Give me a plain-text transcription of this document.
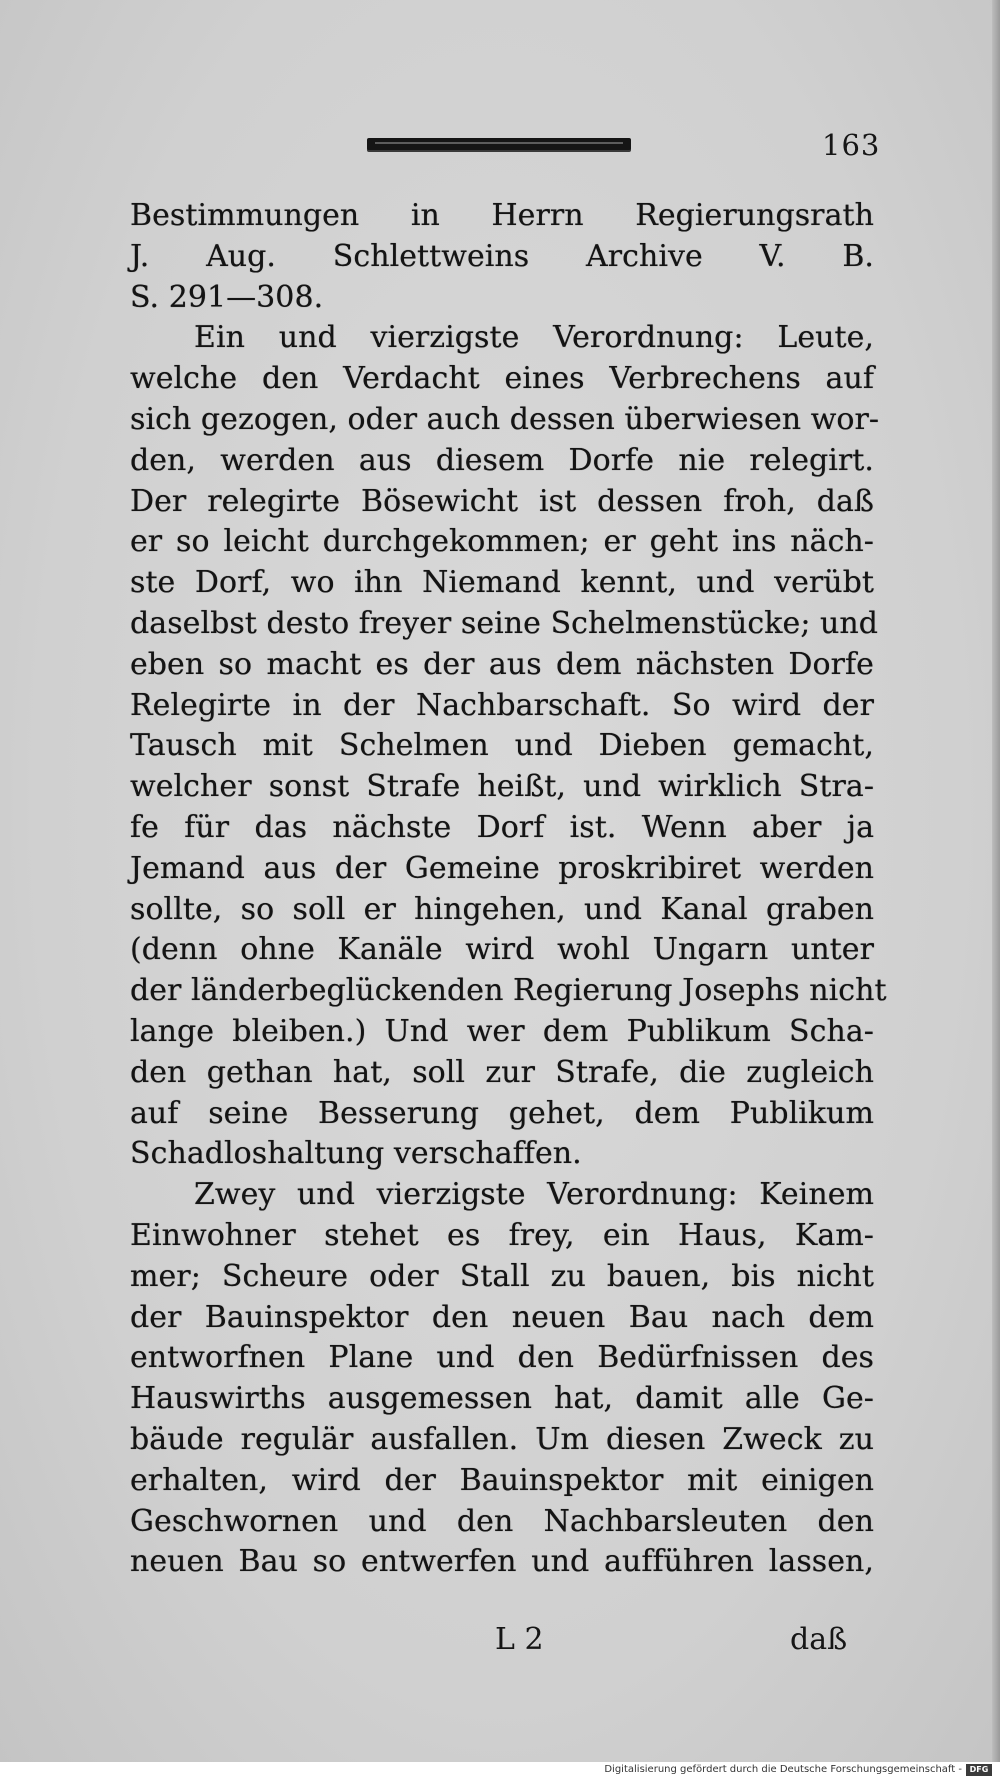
163
Bestimmungen in Herrn Regierungsrath
J. Aug. Schlettweins Archive V. B.
S. 291—308.
Ein und vierzigste Verordnung: Leute,
welche den Verdacht eines Verbrechens auf
sich gezogen, oder auch dessen überwiesen wor-
den, werden aus diesem Dorfe nie relegirt.
Der relegirte Bösewicht ist dessen froh, daß
er so leicht durchgekommen; er geht ins näch-
ste Dorf, wo ihn Niemand kennt, und verübt
daselbst desto freyer seine Schelmenstücke; und
eben so macht es der aus dem nächsten Dorfe
Relegirte in der Nachbarschaft. So wird der
Tausch mit Schelmen und Dieben gemacht,
welcher sonst Strafe heißt, und wirklich Stra-
fe für das nächste Dorf ist. Wenn aber ja
Jemand aus der Gemeine proskribiret werden
sollte, so soll er hingehen, und Kanal graben
(denn ohne Kanäle wird wohl Ungarn unter
der länderbeglückenden Regierung Josephs nicht
lange bleiben.) Und wer dem Publikum Scha-
den gethan hat, soll zur Strafe, die zugleich
auf seine Besserung gehet, dem Publikum
Schadloshaltung verschaffen.
Zwey und vierzigste Verordnung: Keinem
Einwohner stehet es frey, ein Haus, Kam-
mer; Scheure oder Stall zu bauen, bis nicht
der Bauinspektor den neuen Bau nach dem
entworfnen Plane und den Bedürfnissen des
Hauswirths ausgemessen hat, damit alle Ge-
bäude regulär ausfallen. Um diesen Zweck zu
erhalten, wird der Bauinspektor mit einigen
Geschwornen und den Nachbarsleuten den
neuen Bau so entwerfen und aufführen lassen,
L 2	daß
Digitalisierung gefördert durch die Deutsche Forschungsgemeinschaft - DFG
